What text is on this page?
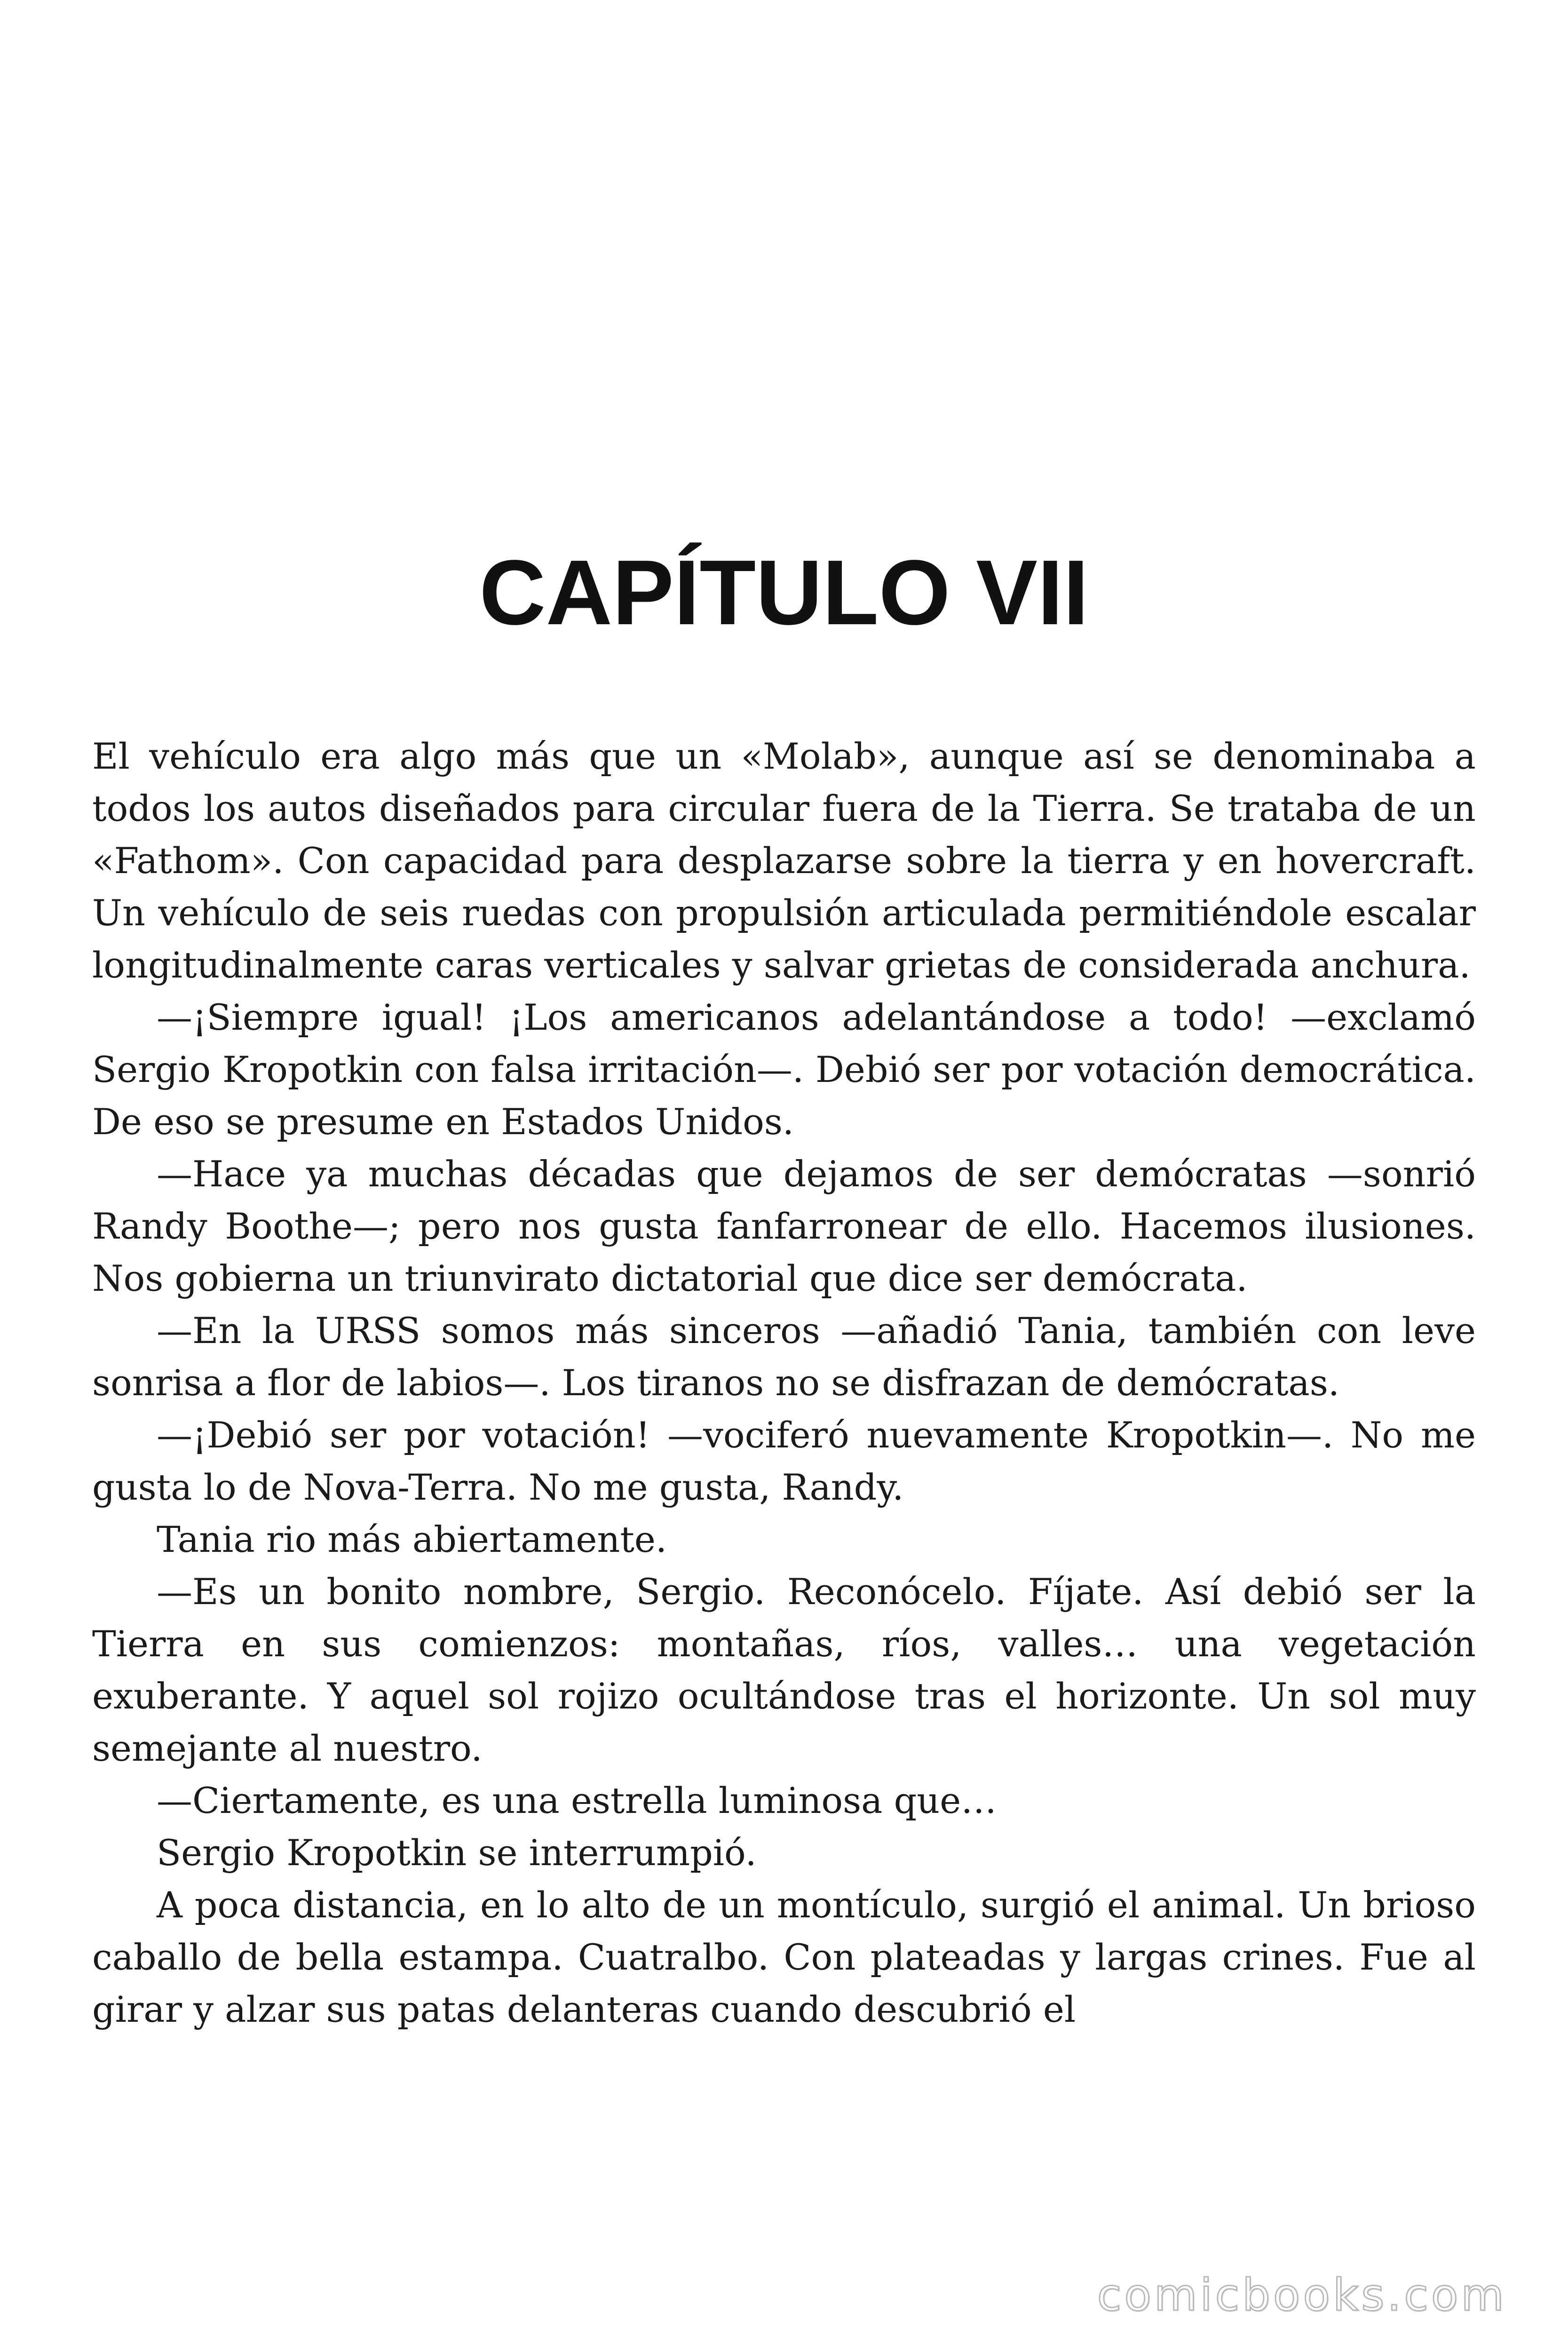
CAPÍTULO VII

El vehículo era algo más que un «Molab», aunque así se denominaba a todos los autos diseñados para circular fuera de la Tierra. Se trataba de un «Fathom». Con capacidad para desplazarse sobre la tierra y en hovercraft. Un vehículo de seis ruedas con propulsión articulada permitiéndole escalar longitudinalmente caras verticales y salvar grietas de considerada anchura.

—¡Siempre igual! ¡Los americanos adelantándose a todo! —exclamó Sergio Kropotkin con falsa irritación—. Debió ser por votación democrática. De eso se presume en Estados Unidos.

—Hace ya muchas décadas que dejamos de ser demócratas —sonrió Randy Boothe—; pero nos gusta fanfarronear de ello. Hacemos ilusiones. Nos gobierna un triunvirato dictatorial que dice ser demócrata.

—En la URSS somos más sinceros —añadió Tania, también con leve sonrisa a flor de labios—. Los tiranos no se disfrazan de demócratas.

—¡Debió ser por votación! —vociferó nuevamente Kropotkin—. No me gusta lo de Nova-Terra. No me gusta, Randy.

Tania rio más abiertamente.

—Es un bonito nombre, Sergio. Reconócelo. Fíjate. Así debió ser la Tierra en sus comienzos: montañas, ríos, valles… una vegetación exuberante. Y aquel sol rojizo ocultándose tras el horizonte. Un sol muy semejante al nuestro.

—Ciertamente, es una estrella luminosa que…

Sergio Kropotkin se interrumpió.

A poca distancia, en lo alto de un montículo, surgió el animal. Un brioso caballo de bella estampa. Cuatralbo. Con plateadas y largas crines. Fue al girar y alzar sus patas delanteras cuando descubrió el

comicbooks.com
